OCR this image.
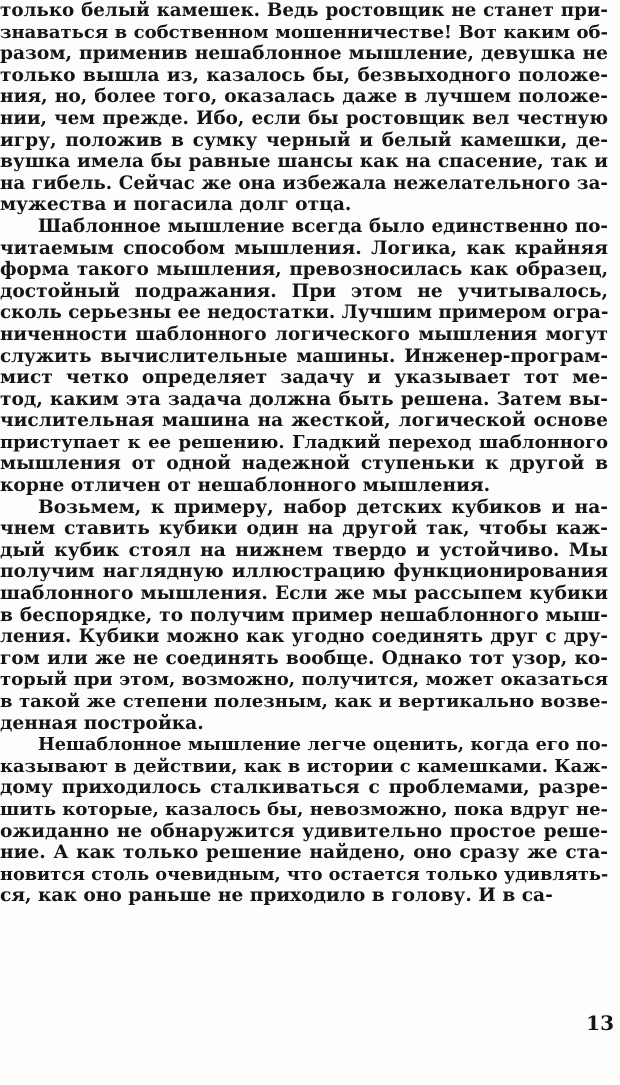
только белый камешек. Ведь ростовщик не станет при-
знаваться в собственном мошенничестве! Вот каким об-
разом, применив нешаблонное мышление, девушка не
только вышла из, казалось бы, безвыходного положе-
ния, но, более того, оказалась даже в лучшем положе-
нии, чем прежде. Ибо, если бы ростовщик вел честную
игру, положив в сумку черный и белый камешки, де-
вушка имела бы равные шансы как на спасение, так и
на гибель. Сейчас же она избежала нежелательного за-
мужества и погасила долг отца.
Шаблонное мышление всегда было единственно по-
читаемым способом мышления. Логика, как крайняя
форма такого мышления, превозносилась как образец,
достойный подражания. При этом не учитывалось,
сколь серьезны ее недостатки. Лучшим примером огра-
ниченности шаблонного логического мышления могут
служить вычислительные машины. Инженер-програм-
мист четко определяет задачу и указывает тот ме-
тод, каким эта задача должна быть решена. Затем вы-
числительная машина на жесткой, логической основе
приступает к ее решению. Гладкий переход шаблонного
мышления от одной надежной ступеньки к другой в
корне отличен от нешаблонного мышления.
Возьмем, к примеру, набор детских кубиков и на-
чнем ставить кубики один на другой так, чтобы каж-
дый кубик стоял на нижнем твердо и устойчиво. Мы
получим наглядную иллюстрацию функционирования
шаблонного мышления. Если же мы рассыпем кубики
в беспорядке, то получим пример нешаблонного мыш-
ления. Кубики можно как угодно соединять друг с дру-
гом или же не соединять вообще. Однако тот узор, ко-
торый при этом, возможно, получится, может оказаться
в такой же степени полезным, как и вертикально возве-
денная постройка.
Нешаблонное мышление легче оценить, когда его по-
казывают в действии, как в истории с камешками. Каж-
дому приходилось сталкиваться с проблемами, разре-
шить которые, казалось бы, невозможно, пока вдруг не-
ожиданно не обнаружится удивительно простое реше-
ние. А как только решение найдено, оно сразу же ста-
новится столь очевидным, что остается только удивлять-
ся, как оно раньше не приходило в голову. И в са-
13
